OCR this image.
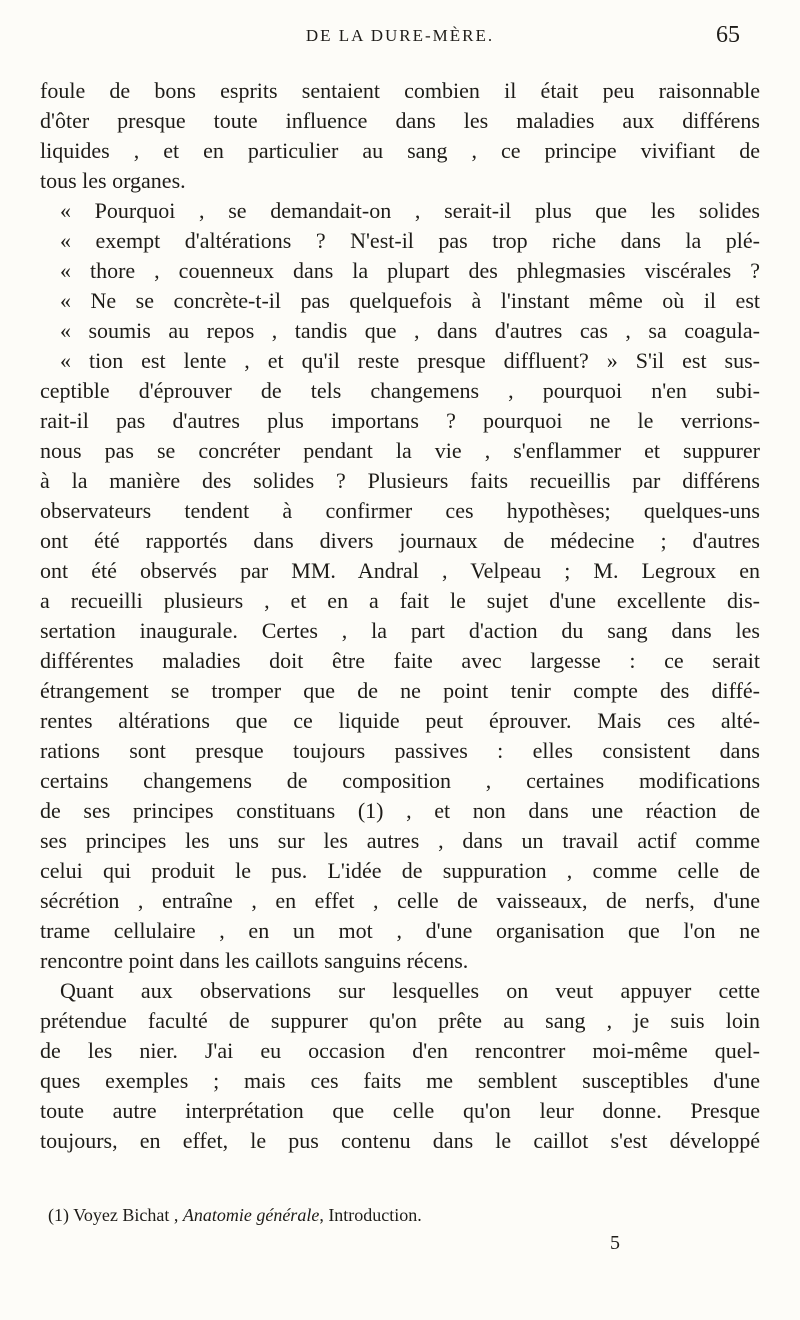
DE LA DURE-MÈRE.	65
foule de bons esprits sentaient combien il était peu raisonnable
d'ôter presque toute influence dans les maladies aux différens
liquides , et en particulier au sang , ce principe vivifiant de
tous les organes.
« Pourquoi , se demandait-on , serait-il plus que les solides
« exempt d'altérations ? N'est-il pas trop riche dans la plé-
« thore , couenneux dans la plupart des phlegmasies viscérales ?
« Ne se concrète-t-il pas quelquefois à l'instant même où il est
« soumis au repos , tandis que , dans d'autres cas , sa coagula-
« tion est lente , et qu'il reste presque diffluent? » S'il est sus-
ceptible d'éprouver de tels changemens , pourquoi n'en subi-
rait-il pas d'autres plus importans ? pourquoi ne le verrions-
nous pas se concréter pendant la vie , s'enflammer et suppurer
à la manière des solides ? Plusieurs faits recueillis par différens
observateurs tendent à confirmer ces hypothèses; quelques-uns
ont été rapportés dans divers journaux de médecine ; d'autres
ont été observés par MM. Andral , Velpeau ; M. Legroux en
a recueilli plusieurs , et en a fait le sujet d'une excellente dis-
sertation inaugurale. Certes , la part d'action du sang dans les
différentes maladies doit être faite avec largesse : ce serait
étrangement se tromper que de ne point tenir compte des diffé-
rentes altérations que ce liquide peut éprouver. Mais ces alté-
rations sont presque toujours passives : elles consistent dans
certains changemens de composition , certaines modifications
de ses principes constituans (1) , et non dans une réaction de
ses principes les uns sur les autres , dans un travail actif comme
celui qui produit le pus. L'idée de suppuration , comme celle de
sécrétion , entraîne , en effet , celle de vaisseaux, de nerfs, d'une
trame cellulaire , en un mot , d'une organisation que l'on ne
rencontre point dans les caillots sanguins récens.
Quant aux observations sur lesquelles on veut appuyer cette
prétendue faculté de suppurer qu'on prête au sang , je suis loin
de les nier. J'ai eu occasion d'en rencontrer moi-même quel-
ques exemples ; mais ces faits me semblent susceptibles d'une
toute autre interprétation que celle qu'on leur donne. Presque
toujours, en effet, le pus contenu dans le caillot s'est développé
(1) Voyez Bichat , Anatomie générale, Introduction.
5
